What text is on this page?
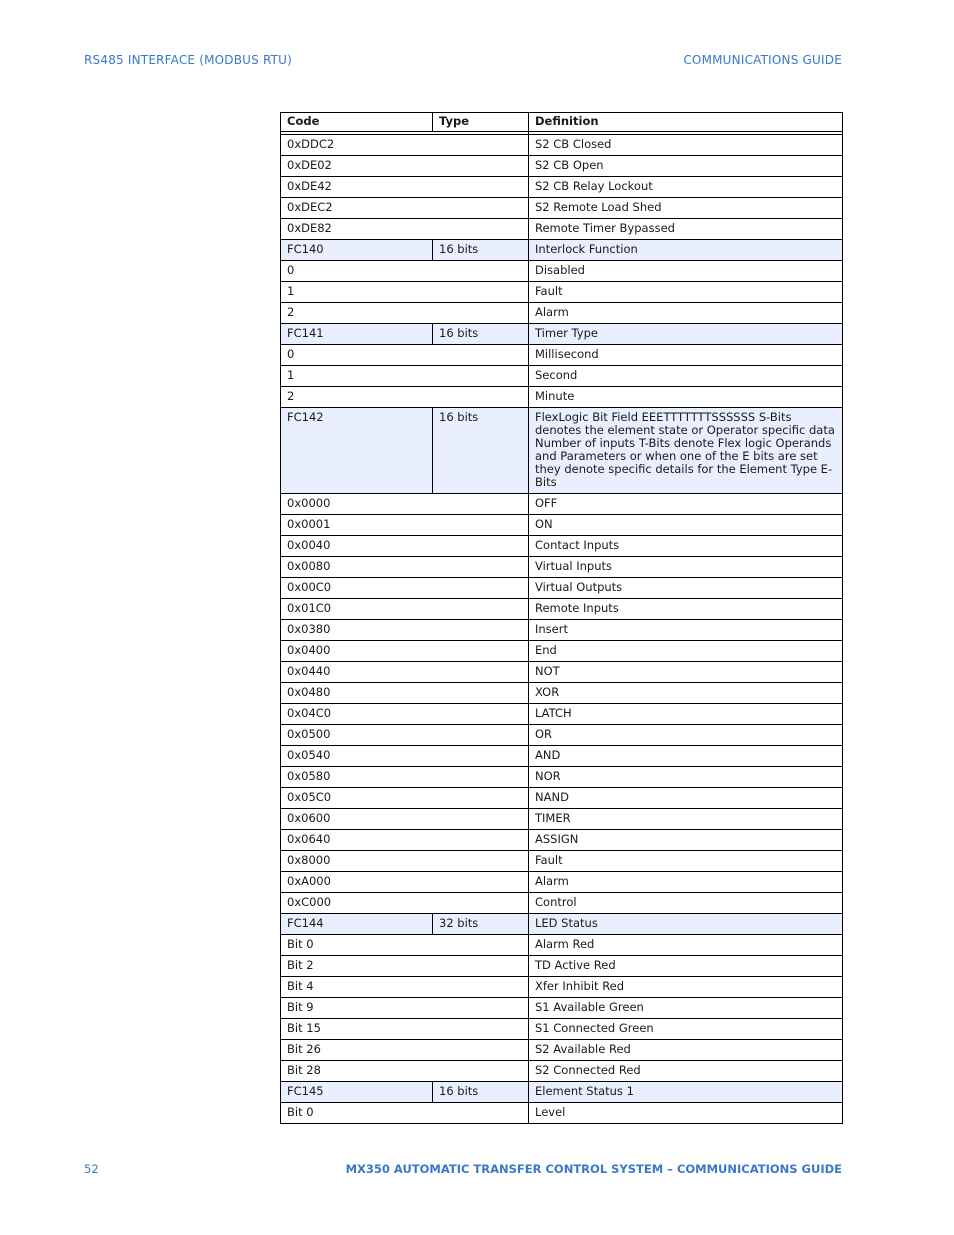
RS485 INTERFACE (MODBUS RTU)	COMMUNICATIONS GUIDE
Code	Type	Definition

0xDDC2		S2 CB Closed
0xDE02		S2 CB Open
0xDE42		S2 CB Relay Lockout
0xDEC2		S2 Remote Load Shed
0xDE82		Remote Timer Bypassed
FC140	16 bits	Interlock Function
0		Disabled
1		Fault
2		Alarm
FC141	16 bits	Timer Type
0		Millisecond
1		Second
2		Minute
FC142	16 bits	FlexLogic Bit Field EEETTTTTTTSSSSSS S-Bits denotes the element state or Operator specific data Number of inputs T-Bits denote Flex logic Operands and Parameters or when one of the E bits are set they denote specific details for the Element Type E-Bits
0x0000		OFF
0x0001		ON
0x0040		Contact Inputs
0x0080		Virtual Inputs
0x00C0		Virtual Outputs
0x01C0		Remote Inputs
0x0380		Insert
0x0400		End
0x0440		NOT
0x0480		XOR
0x04C0		LATCH
0x0500		OR
0x0540		AND
0x0580		NOR
0x05C0		NAND
0x0600		TIMER
0x0640		ASSIGN
0x8000		Fault
0xA000		Alarm
0xC000		Control
FC144	32 bits	LED Status
Bit 0		Alarm Red
Bit 2		TD Active Red
Bit 4		Xfer Inhibit Red
Bit 9		S1 Available Green
Bit 15		S1 Connected Green
Bit 26		S2 Available Red
Bit 28		S2 Connected Red
FC145	16 bits	Element Status 1
Bit 0		Level
52	MX350 AUTOMATIC TRANSFER CONTROL SYSTEM – COMMUNICATIONS GUIDE
